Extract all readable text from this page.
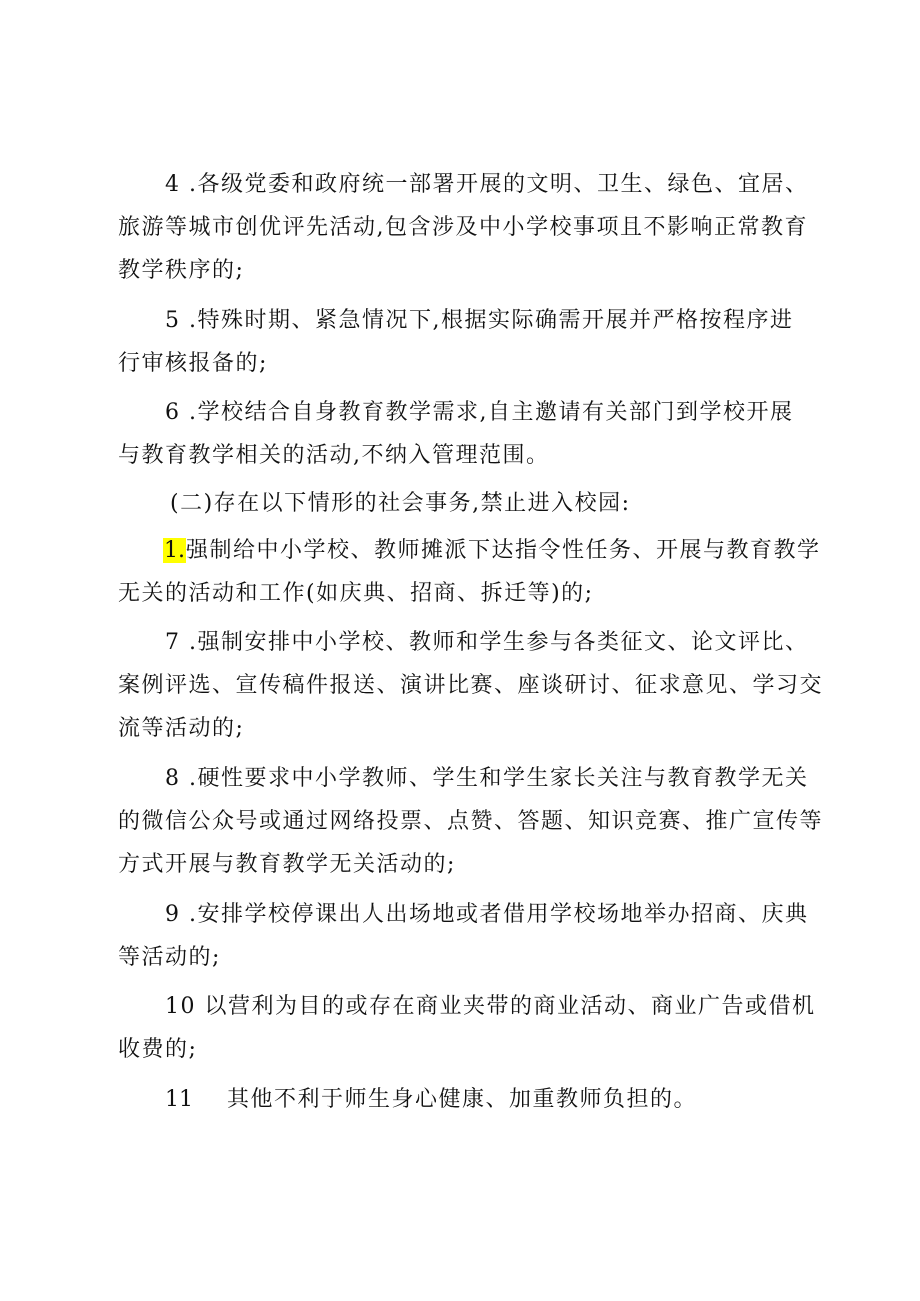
4 .各级党委和政府统一部署开展的文明、卫生、绿色、宜居、
旅游等城市创优评先活动,包含涉及中小学校事项且不影响正常教育
教学秩序的;
5 .特殊时期、紧急情况下,根据实际确需开展并严格按程序进
行审核报备的;
6 .学校结合自身教育教学需求,自主邀请有关部门到学校开展
与教育教学相关的活动,不纳入管理范围。
(二)存在以下情形的社会事务,禁止进入校园:
1.强制给中小学校、教师摊派下达指令性任务、开展与教育教学
无关的活动和工作(如庆典、招商、拆迁等)的;
7 .强制安排中小学校、教师和学生参与各类征文、论文评比、
案例评选、宣传稿件报送、演讲比赛、座谈研讨、征求意见、学习交
流等活动的;
8 .硬性要求中小学教师、学生和学生家长关注与教育教学无关
的微信公众号或通过网络投票、点赞、答题、知识竞赛、推广宣传等
方式开展与教育教学无关活动的;
9 .安排学校停课出人出场地或者借用学校场地举办招商、庆典
等活动的;
10 以营利为目的或存在商业夹带的商业活动、商业广告或借机
收费的;
11 其他不利于师生身心健康、加重教师负担的。
